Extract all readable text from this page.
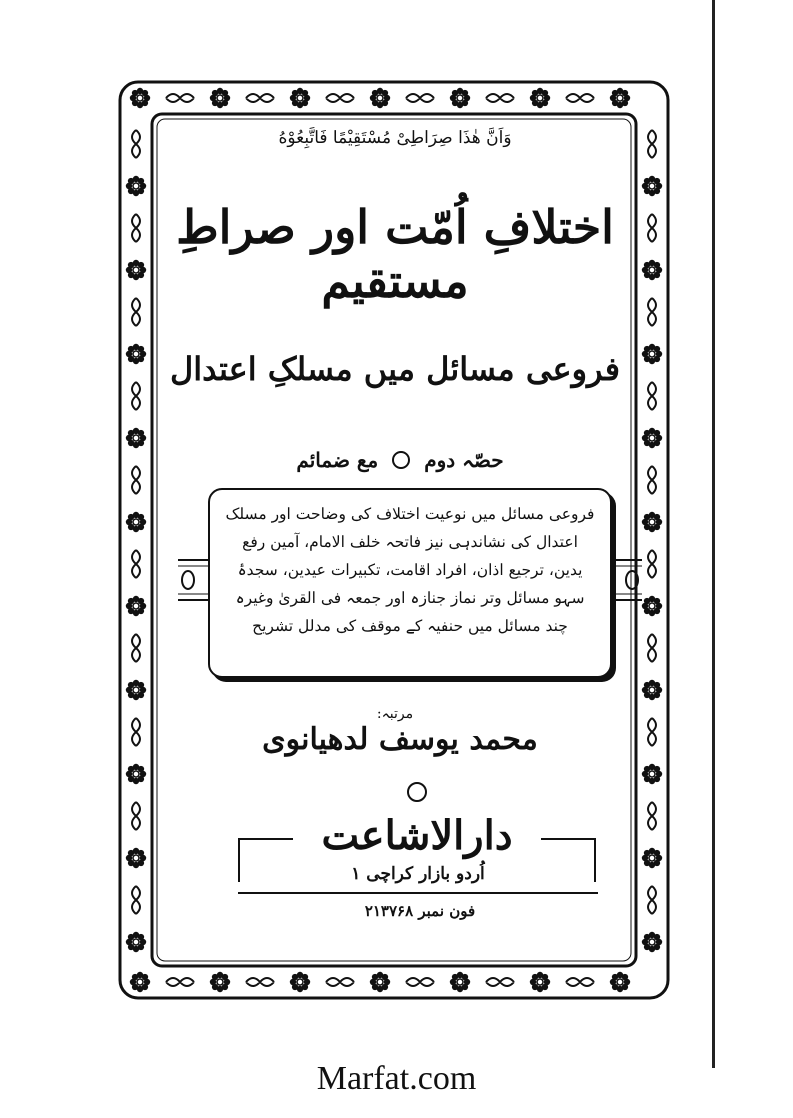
وَاَنَّ هٰذَا صِرَاطِیْ مُسْتَقِیْمًا فَاتَّبِعُوْهُ
اختلافِ اُمّت اور صراطِ مستقیم
فروعی مسائل میں مسلکِ اعتدال
حصّہ دوم
مع ضمائم
فروعی مسائل میں نوعیت اختلاف کی وضاحت اور مسلک اعتدال کی نشاندہی نیز فاتحہ خلف الامام، آمین رفع یدین، ترجیع اذان، افراد اقامت، تکبیرات عیدین، سجدۂ سہو مسائل وتر نماز جنازہ اور جمعہ فی القریٰ وغیرہ چند مسائل میں حنفیہ کے موقف کی مدلل تشریح
مرتبہ:
محمد یوسف لدھیانوی
دارالاشاعت
اُردو بازار کراچی ۱
فون نمبر ۲۱۳۷۶۸
Marfat.com
